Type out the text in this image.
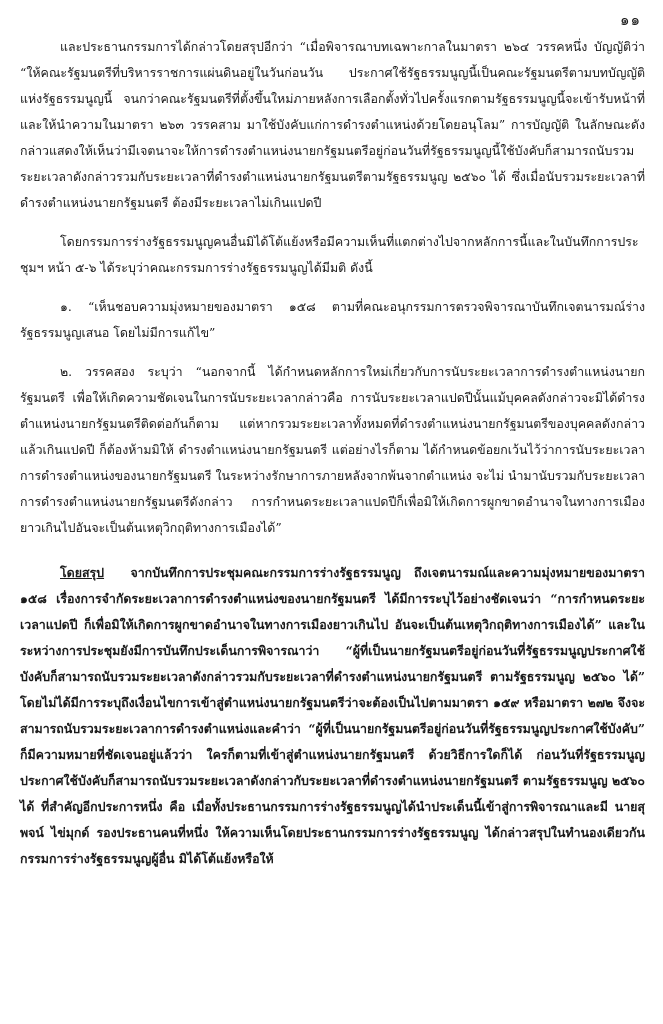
๑๑

และประธานกรรมการได้กล่าวโดยสรุปอีกว่า “เมื่อพิจารณาบทเฉพาะกาลในมาตรา ๒๖๔ วรรคหนึ่ง บัญญัติว่า “ให้คณะรัฐมนตรีที่บริหารราชการแผ่นดินอยู่ในวันก่อนวัน ประกาศใช้รัฐธรรมนูญนี้เป็นคณะรัฐมนตรีตามบทบัญญัติแห่งรัฐธรรมนูญนี้ จนกว่าคณะรัฐมนตรีที่ตั้งขึ้นใหม่ภายหลังการเลือกตั้งทั่วไปครั้งแรกตามรัฐธรรมนูญนี้จะเข้ารับหน้าที่และให้นำความในมาตรา ๒๖๓ วรรคสาม มาใช้บังคับแก่การดำรงตำแหน่งด้วยโดยอนุโลม” การบัญญัติ ในลักษณะดังกล่าวแสดงให้เห็นว่ามีเจตนาจะให้การดำรงตำแหน่งนายกรัฐมนตรีอยู่ก่อนวันที่รัฐธรรมนูญนี้ใช้บังคับก็สามารถนับรวมระยะเวลาดังกล่าวรวมกับระยะเวลาที่ดำรงตำแหน่งนายกรัฐมนตรีตามรัฐธรรมนูญ ๒๕๖๐ ได้ ซึ่งเมื่อนับรวมระยะเวลาที่ดำรงตำแหน่งนายกรัฐมนตรี ต้องมีระยะเวลาไม่เกินแปดปี

โดยกรรมการร่างรัฐธรรมนูญคนอื่นมิได้โต้แย้งหรือมีความเห็นที่แตกต่างไปจากหลักการนี้และในบันทึกการประชุมฯ หน้า ๕-๖ ได้ระบุว่าคณะกรรมการร่างรัฐธรรมนูญได้มีมติ ดังนี้

๑. “เห็นชอบความมุ่งหมายของมาตรา ๑๕๘ ตามที่คณะอนุกรรมการตรวจพิจารณาบันทึกเจตนารมณ์ร่างรัฐธรรมนูญเสนอ โดยไม่มีการแก้ไข”

๒. วรรคสอง ระบุว่า “นอกจากนี้ ได้กำหนดหลักการใหม่เกี่ยวกับการนับระยะเวลาการดำรงตำแหน่งนายกรัฐมนตรี เพื่อให้เกิดความชัดเจนในการนับระยะเวลากล่าวคือ การนับระยะเวลาแปดปีนั้นแม้บุคคลดังกล่าวจะมิได้ดำรงตำแหน่งนายกรัฐมนตรีติดต่อกันก็ตาม แต่หากรวมระยะเวลาทั้งหมดที่ดำรงตำแหน่งนายกรัฐมนตรีของบุคคลดังกล่าวแล้วเกินแปดปี ก็ต้องห้ามมิให้ ดำรงตำแหน่งนายกรัฐมนตรี แต่อย่างไรก็ตาม ได้กำหนดข้อยกเว้นไว้ว่าการนับระยะเวลาการดำรงตำแหน่งของนายกรัฐมนตรี ในระหว่างรักษาการภายหลังจากพ้นจากตำแหน่ง จะไม่ นำมานับรวมกับระยะเวลาการดำรงตำแหน่งนายกรัฐมนตรีดังกล่าว การกำหนดระยะเวลาแปดปีก็เพื่อมิให้เกิดการผูกขาดอำนาจในทางการเมืองยาวเกินไปอันจะเป็นต้นเหตุวิกฤติทางการเมืองได้”

โดยสรุป จากบันทึกการประชุมคณะกรรมการร่างรัฐธรรมนูญ ถึงเจตนารมณ์และความมุ่งหมายของมาตรา ๑๕๘ เรื่องการจำกัดระยะเวลาการดำรงตำแหน่งของนายกรัฐมนตรี ได้มีการระบุไว้อย่างชัดเจนว่า “การกำหนดระยะเวลาแปดปี ก็เพื่อมิให้เกิดการผูกขาดอำนาจในทางการเมืองยาวเกินไป อันจะเป็นต้นเหตุวิกฤติทางการเมืองได้” และในระหว่างการประชุมยังมีการบันทึกประเด็นการพิจารณาว่า “ผู้ที่เป็นนายกรัฐมนตรีอยู่ก่อนวันที่รัฐธรรมนูญประกาศใช้ บังคับก็สามารถนับรวมระยะเวลาดังกล่าวรวมกับระยะเวลาที่ดำรงตำแหน่งนายกรัฐมนตรี ตามรัฐธรรมนูญ ๒๕๖๐ ได้” โดยไม่ได้มีการระบุถึงเงื่อนไขการเข้าสู่ตำแหน่งนายกรัฐมนตรีว่าจะต้องเป็นไปตามมาตรา ๑๕๙ หรือมาตรา ๒๗๒ จึงจะสามารถนับรวมระยะเวลาการดำรงตำแหน่งและคำว่า “ผู้ที่เป็นนายกรัฐมนตรีอยู่ก่อนวันที่รัฐธรรมนูญประกาศใช้บังคับ” ก็มีความหมายที่ชัดเจนอยู่แล้วว่า ใครก็ตามที่เข้าสู่ตำแหน่งนายกรัฐมนตรี ด้วยวิธีการใดก็ได้ ก่อนวันที่รัฐธรรมนูญประกาศใช้บังคับก็สามารถนับรวมระยะเวลาดังกล่าวกับระยะเวลาที่ดำรงตำแหน่งนายกรัฐมนตรี ตามรัฐธรรมนูญ ๒๕๖๐ ได้ ที่สำคัญอีกประการหนึ่ง คือ เมื่อทั้งประธานกรรมการร่างรัฐธรรมนูญได้นำประเด็นนี้เข้าสู่การพิจารณาและมี นายสุพจน์ ไข่มุกด์ รองประธานคนที่หนึ่ง ให้ความเห็นโดยประธานกรรมการร่างรัฐธรรมนูญ ได้กล่าวสรุปในทำนองเดียวกัน กรรมการร่างรัฐธรรมนูญผู้อื่น มิได้โต้แย้งหรือให้
